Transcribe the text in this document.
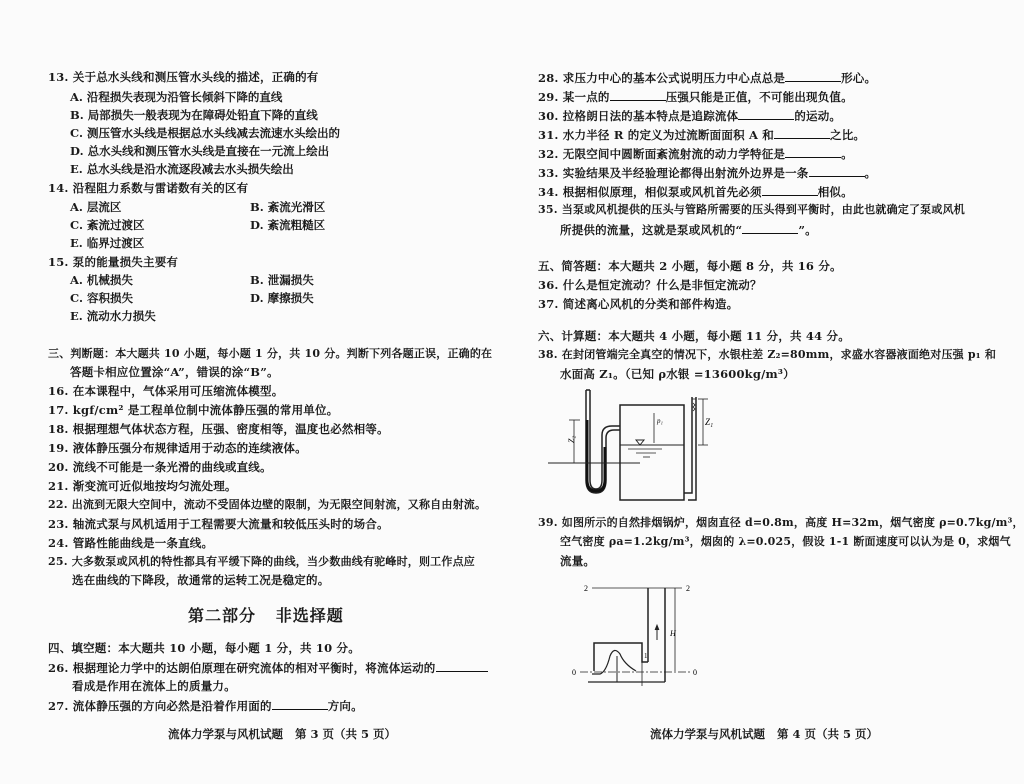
13. 关于总水头线和测压管水头线的描述，正确的有
A. 沿程损失表现为沿管长倾斜下降的直线
B. 局部损失一般表现为在障碍处铅直下降的直线
C. 测压管水头线是根据总水头线减去流速水头绘出的
D. 总水头线和测压管水头线是直接在一元流上绘出
E. 总水头线是沿水流逐段减去水头损失绘出
14. 沿程阻力系数与雷诺数有关的区有
A. 层流区	B. 紊流光滑区
C. 紊流过渡区	D. 紊流粗糙区
E. 临界过渡区
15. 泵的能量损失主要有
A. 机械损失	B. 泄漏损失
C. 容积损失	D. 摩擦损失
E. 流动水力损失
三、判断题：本大题共 10 小题，每小题 1 分，共 10 分。判断下列各题正误，正确的在
答题卡相应位置涂“A”，错误的涂“B”。
16. 在本课程中，气体采用可压缩流体模型。
17. kgf/cm² 是工程单位制中流体静压强的常用单位。
18. 根据理想气体状态方程，压强、密度相等，温度也必然相等。
19. 液体静压强分布规律适用于动态的连续液体。
20. 流线不可能是一条光滑的曲线或直线。
21. 渐变流可近似地按均匀流处理。
22. 出流到无限大空间中，流动不受固体边壁的限制，为无限空间射流，又称自由射流。
23. 轴流式泵与风机适用于工程需要大流量和较低压头时的场合。
24. 管路性能曲线是一条直线。
25. 大多数泵或风机的特性都具有平缓下降的曲线，当少数曲线有驼峰时，则工作点应
选在曲线的下降段，故通常的运转工况是稳定的。
第二部分   非选择题
四、填空题：本大题共 10 小题，每小题 1 分，共 10 分。
26. 根据理论力学中的达朗伯原理在研究流体的相对平衡时，将流体运动的
看成是作用在流体上的质量力。
27. 流体静压强的方向必然是沿着作用面的	方向。
流体力学泵与风机试题   第 3 页（共 5 页）
28. 求压力中心的基本公式说明压力中心点总是	形心。
29. 某一点的	压强只能是正值，不可能出现负值。
30. 拉格朗日法的基本特点是追踪流体	的运动。
31. 水力半径 R 的定义为过流断面面积 A 和	之比。
32. 无限空间中圆断面紊流射流的动力学特征是	。
33. 实验结果及半经验理论都得出射流外边界是一条	。
34. 根据相似原理，相似泵或风机首先必须	相似。
35. 当泵或风机提供的压头与管路所需要的压头得到平衡时，由此也就确定了泵或风机
所提供的流量，这就是泵或风机的“	”。
五、简答题：本大题共 2 小题，每小题 8 分，共 16 分。
36. 什么是恒定流动？什么是非恒定流动？
37. 简述离心风机的分类和部件构造。
六、计算题：本大题共 4 小题，每小题 11 分，共 44 分。
38. 在封闭管端完全真空的情况下，水银柱差 Z₂=80mm，求盛水容器液面绝对压强 p₁ 和
水面高 Z₁。（已知 ρ水银 =13600kg/m³）
Z₂
p₁	Z₁
39. 如图所示的自然排烟锅炉，烟囱直径 d=0.8m，高度 H=32m，烟气密度 ρ=0.7kg/m³，
空气密度 ρa=1.2kg/m³，烟囱的 λ=0.025，假设 1-1 断面速度可以认为是 0，求烟气
流量。
2	2
H
1
0	0
流体力学泵与风机试题   第 4 页（共 5 页）
